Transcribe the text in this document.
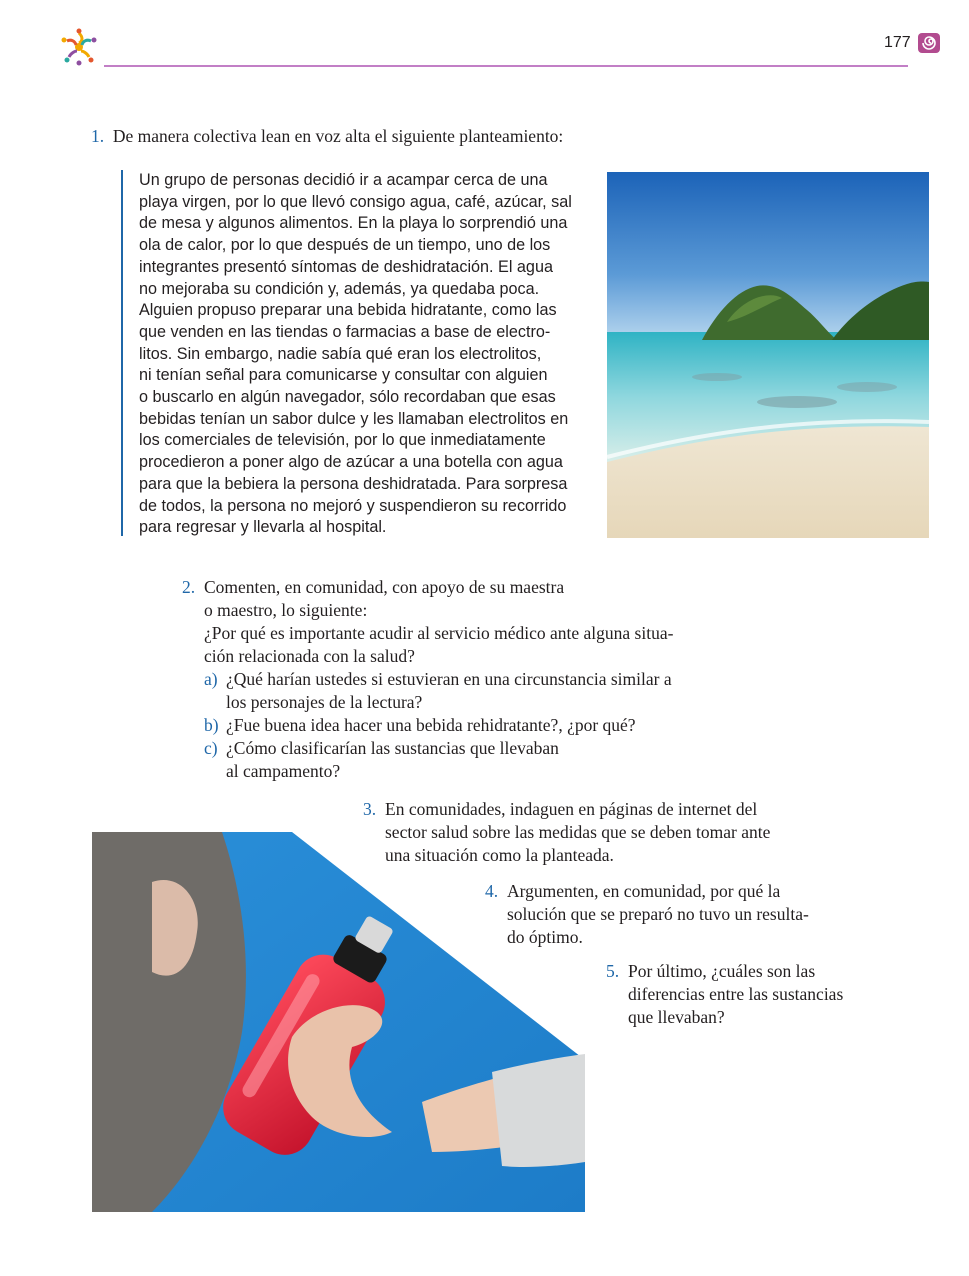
177

1. De manera colectiva lean en voz alta el siguiente planteamiento:

Un grupo de personas decidió ir a acampar cerca de una

playa virgen, por lo que llevó consigo agua, café, azúcar, sal

de mesa y algunos alimentos. En la playa lo sorprendió una

ola de calor, por lo que después de un tiempo, uno de los

integrantes presentó síntomas de deshidratación. El agua

no mejoraba su condición y, además, ya quedaba poca.

Alguien propuso preparar una bebida hidratante, como las

que venden en las tiendas o farmacias a base de electro-

litos. Sin embargo, nadie sabía qué eran los electrolitos,

ni tenían señal para comunicarse y consultar con alguien

o buscarlo en algún navegador, sólo recordaban que esas

bebidas tenían un sabor dulce y les llamaban electrolitos en

los comerciales de televisión, por lo que inmediatamente

procedieron a poner algo de azúcar a una botella con agua

para que la bebiera la persona deshidratada. Para sorpresa

de todos, la persona no mejoró y suspendieron su recorrido

para regresar y llevarla al hospital.

2. Comenten, en comunidad, con apoyo de su maestra

o maestro, lo siguiente:

¿Por qué es importante acudir al servicio médico ante alguna situa-

ción relacionada con la salud?

a) ¿Qué harían ustedes si estuvieran en una circunstancia similar a

los personajes de la lectura?

b) ¿Fue buena idea hacer una bebida rehidratante?, ¿por qué?

c) ¿Cómo clasificarían las sustancias que llevaban

al campamento?

3. En comunidades, indaguen en páginas de internet del

sector salud sobre las medidas que se deben tomar ante

una situación como la planteada.

4. Argumenten, en comunidad, por qué la

solución que se preparó no tuvo un resulta-

do óptimo.

5. Por último, ¿cuáles son las

diferencias entre las sustancias

que llevaban?
